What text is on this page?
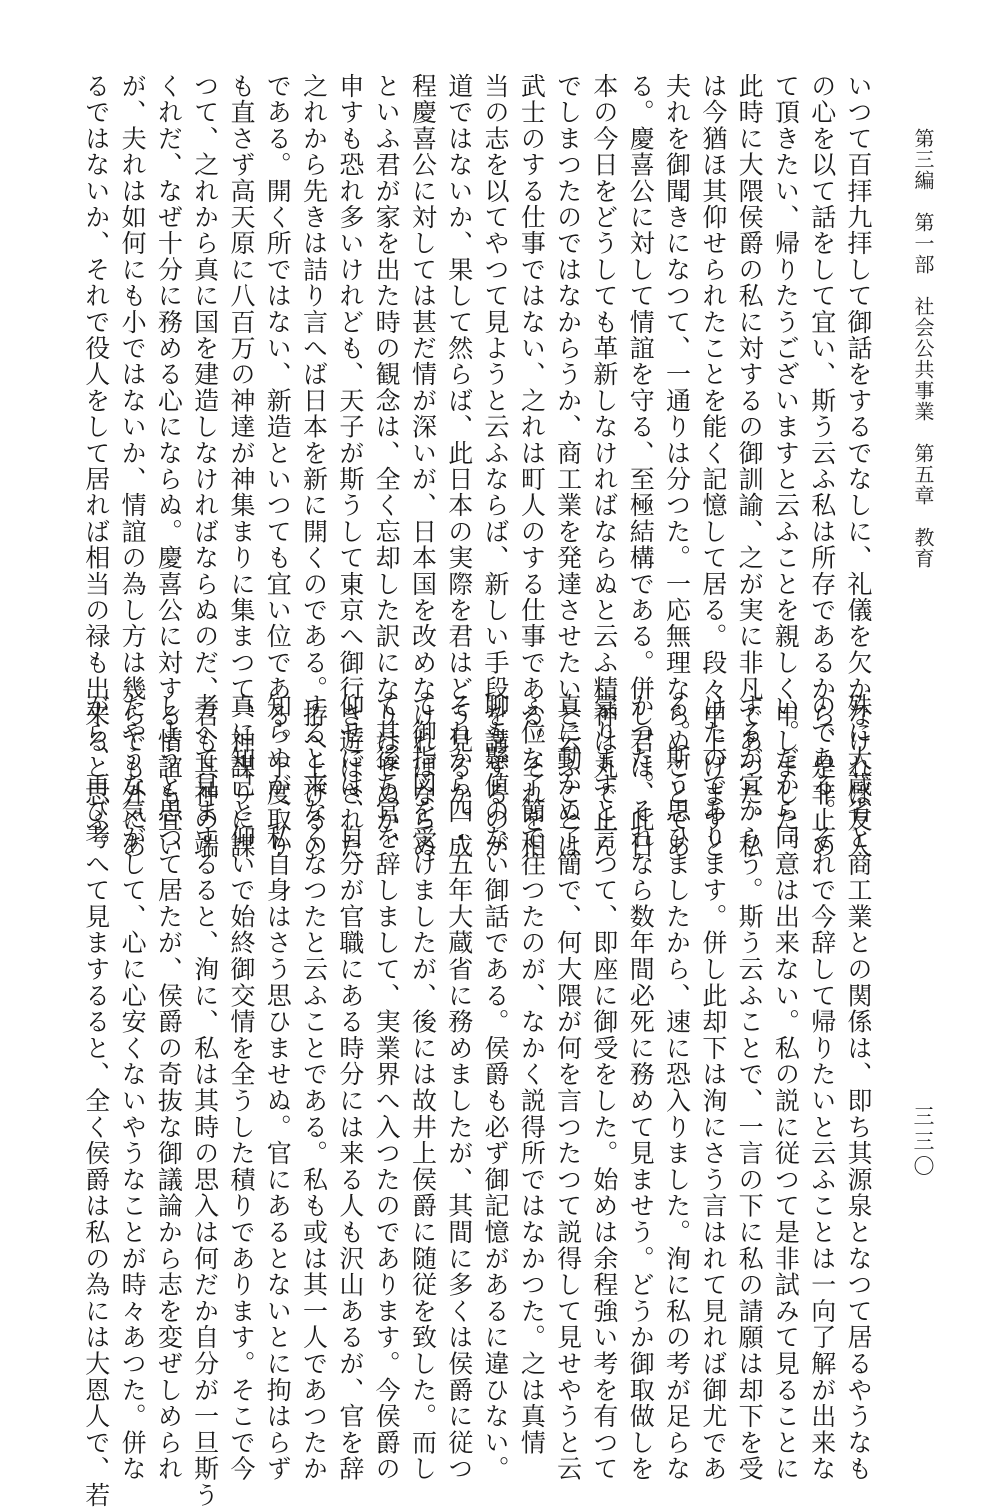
第三編　第一部　社会公共事業　第五章　教育
三三〇
いつて百拝九拝して御話をするでなしに、礼儀を欠かなければ友人
の心を以て話をして宜い、斯う云ふ私は所存であるから、是非止め
て頂きたい、帰りたうございますと云ふことを親しく申しました。
此時に大隈侯爵の私に対するの御訓諭、之が実に非凡であつた。私
は今猶ほ其仰せられたことを能く記憶して居る。段々申上げますと
夫れを御聞きになつて、一通りは分つた。一応無理ならぬことであ
る。慶喜公に対して情誼を守る、至極結構である。併し君は、此日
本の今日をどうしても革新しなければならぬと云ふ精神は丸で止ん
でしまつたのではなからうか、商工業を発達させたいと云ふことは
武士のする仕事ではない、之れは町人のする仕事である。それを相
当の志を以てやつて見ようと云ふならば、新しい手段を講ずるのが
道ではないか、果して然らば、此日本の実際を君はどう見るか。成
程慶喜公に対しては甚だ情が深いが、日本国を改めなければならぬ
といふ君が家を出た時の観念は、全く忘却した訳になりはせぬか、
申すも恐れ多いけれども、天子が斯うして東京へ御行き遊ばされた
之れから先きは詰り言へば日本を新に開くのである。拵へ上げるの
である。開く所ではない、新造といつても宜い位である。丁度取り
も直さず高天原に八百万の神達が神集まりに集まつて、神謀りに謀
つて、之れから真に国を建造しなければならぬのだ、君も其神の端
くれだ、なぜ十分に務める心にならぬ。慶喜公に対する情誼も宜い
が、夫れは如何にも小ではないか、情誼の為し方は幾らでも外にあ
るではないか、それで役人をして居れば相当の禄も出来ると思ふ。
殊に大蔵省と商工業との関係は、即ち其源泉となつて居るやうなも
のである。それで今辞して帰りたいと云ふことは一向了解が出来な
い。だから同意は出来ない。私の説に従つて是非試みて見ることに
するが宜からう。斯う云ふことで、一言の下に私の請願は却下を受
けたのであります。併し此却下は洵にさう言はれて見れば御尤であ
る。斯う思ひましたから、速に恐入りました。洵に私の考が足らな
かつた。それなら数年間必死に務めて見ませう。どうか御取做しを
蒙りますと言つて、即座に御受をした。始めは余程強い考を有つて
真に動かぬ了簡で、何大隈が何を言つたつて説得して見せやうと云
ふ位な了簡で往つたのが、なかく説得所ではなかつた。之は真情
聊も懸値のない御話である。侯爵も必ず御記憶があるに違ひない。
それから四・五年大蔵省に務めましたが、其間に多くは侯爵に従つ
て御指図を受けましたが、後には故井上侯爵に随従を致した。而し
て其後ち官を辞しまして、実業界へ入つたのであります。今侯爵の
仰せには、自分が官職にある時分には来る人も沢山あるが、官を辞
すると来なくなつたと云ふことである。私も或は其一人であつたか
知らぬが、私自身はさう思ひませぬ。官にあるとないとに拘はらず
真に知己と仰いで始終御交情を全うした積りであります。そこで今
考へて見まするると、洵に、私は其時の思入は何だか自分が一旦斯う
しようと思つて居たが、侯爵の奇抜な御議論から志を変ぜしめられ
たやうな気がして、心に心安くないやうなことが時々あつた。併な
がら、再び考へて見まするると、全く侯爵は私の為には大恩人で、若
